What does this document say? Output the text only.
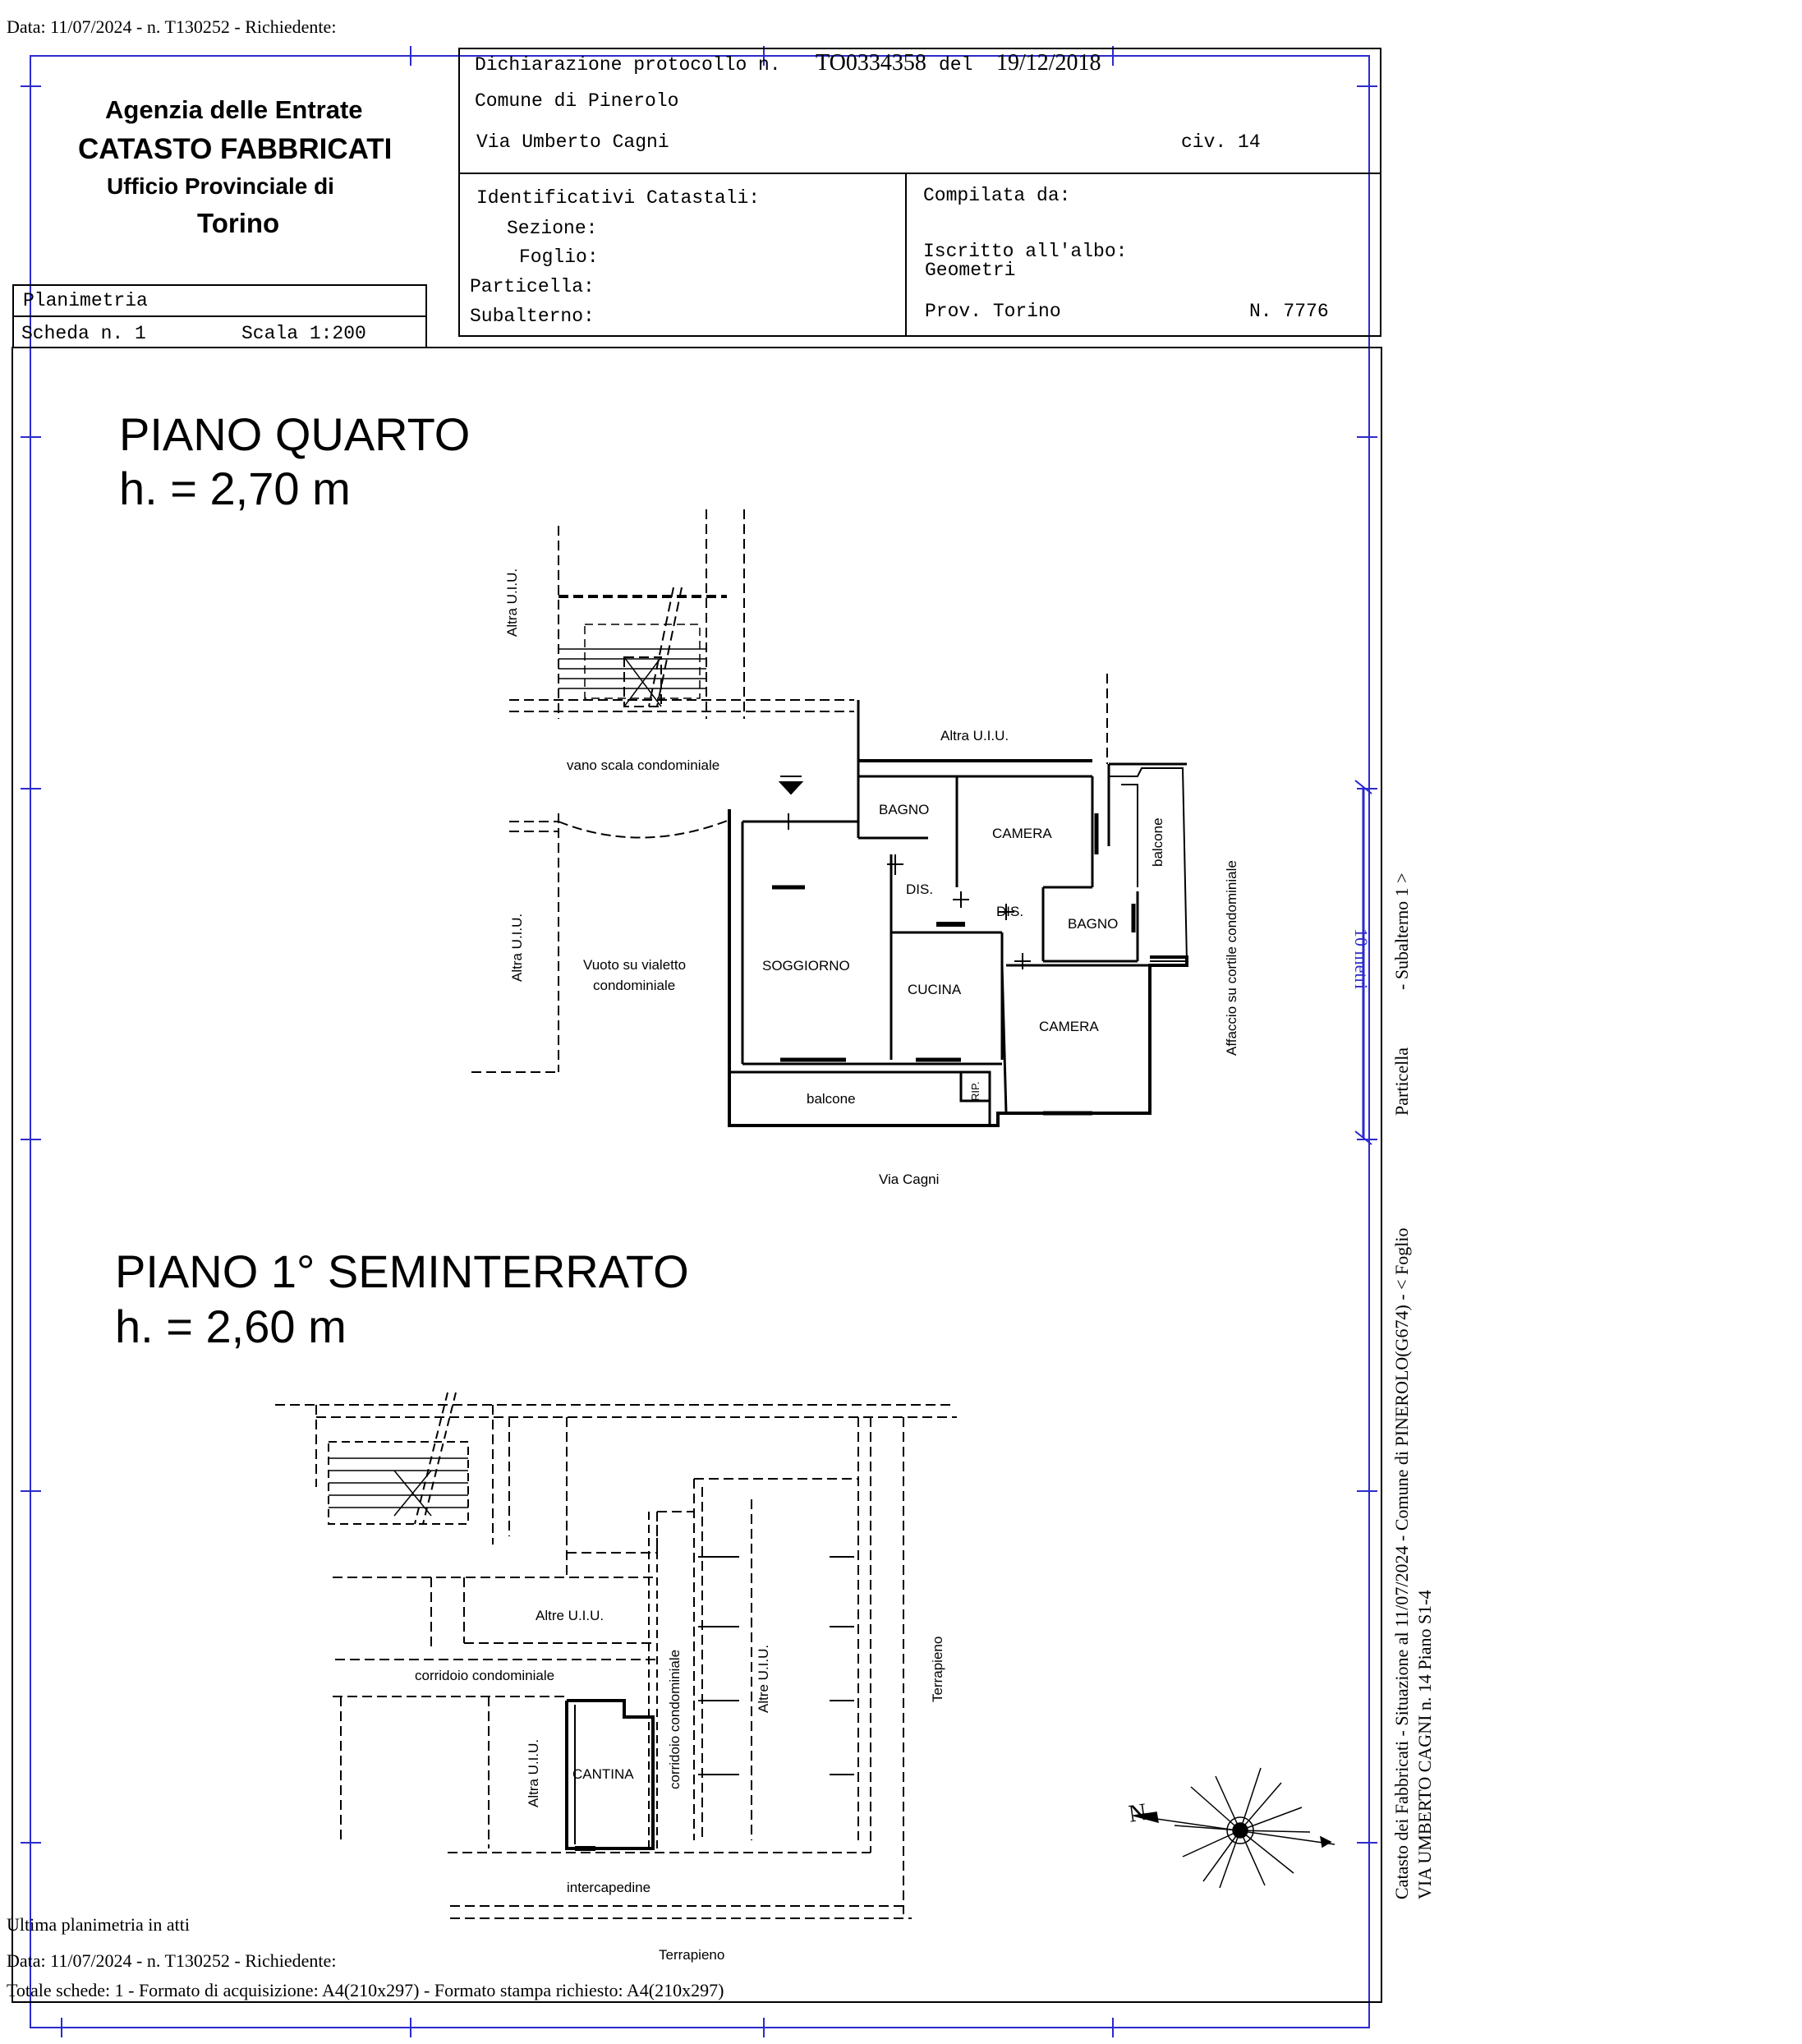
Data: 11/07/2024 - n. T130252 - Richiedente:
Agenzia delle Entrate
CATASTO FABBRICATI
Ufficio Provinciale di
Torino
Dichiarazione protocollo n. TO0334358 del 19/12/2018
Comune di Pinerolo
Via Umberto Cagni	civ. 14
Identificativi Catastali:
Sezione:
Foglio:
Particella:
Subalterno:
Compilata da:
Iscritto all'albo:
Geometri
Prov. Torino	N. 7776
Planimetria
Scheda n. 1	Scala 1:200
PIANO QUARTO
h. = 2,70 m
PIANO 1° SEMINTERRATO
h. = 2,60 m
Altra U.I.U.
Altra U.I.U.
vano scala condominiale
Altra U.I.U.	Vuoto su vialetto
condominiale
BAGNO
CAMERA	balcone
DIS.
DIS.
BAGNO
SOGGIORNO
CUCINA
CAMERA
RIP.
balcone
Affaccio su cortile condominiale
Via Cagni
Altre U.I.U.
corridoio condominiale	corridoio condominiale	Altre U.I.U.	Terrapieno
Altra U.I.U. CANTINA
intercapedine
Terrapieno
10 metri
Catasto dei Fabbricati - Situazione al 11/07/2024 - Comune di PINEROLO(G674) - < Foglio
Particella
- Subalterno 1 >
VIA UMBERTO CAGNI n. 14 Piano S1-4
N
Ultima planimetria in atti
Data: 11/07/2024 - n. T130252 - Richiedente:
Totale schede: 1 - Formato di acquisizione: A4(210x297) - Formato stampa richiesto: A4(210x297)
